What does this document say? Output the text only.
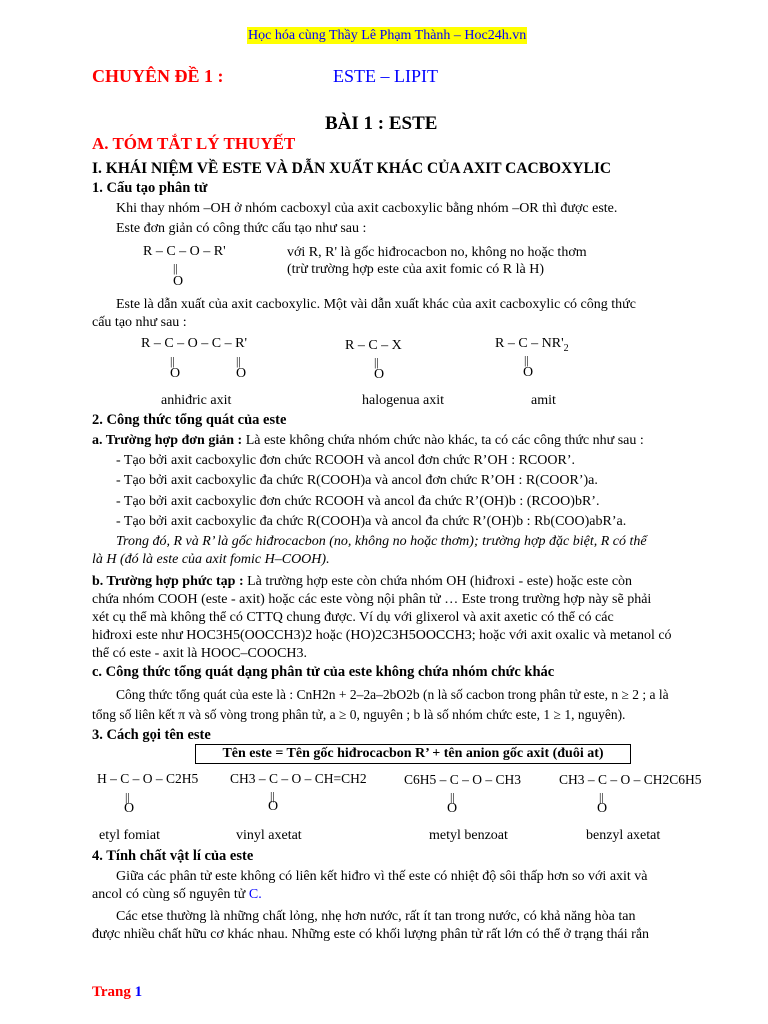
Học hóa cùng Thầy Lê Phạm Thành – Hoc24h.vn
CHUYÊN ĐỀ 1 :	ESTE – LIPIT
BÀI 1 : ESTE
A. TÓM TẮT LÝ THUYẾT
I. KHÁI NIỆM VỀ ESTE VÀ DẪN XUẤT KHÁC CỦA AXIT CACBOXYLIC
1. Cấu tạo phân tử
Khi thay nhóm –OH ở nhóm cacboxyl của axit cacboxylic bằng nhóm –OR thì được este.
Este đơn giản có công thức cấu tạo như sau :
R – C – O – R'
||
O
với R, R' là gốc hiđrocacbon no, không no hoặc thơm
(trừ trường hợp este của axit fomic có R là H)
Este là dẫn xuất của axit cacboxylic. Một vài dẫn xuất khác của axit cacboxylic có công thức
cấu tạo như sau :
R – C – O – C – R'
||	||
O	O
R – C – X
||
O
R – C – $NR'_2$
||
O
anhiđric axit	halogenua axit	amit
2. Công thức tổng quát của este
a. Trường hợp đơn giản : Là este không chứa nhóm chức nào khác, ta có các công thức như sau :
- Tạo bởi axit cacboxylic đơn chức RCOOH và ancol đơn chức R’OH : RCOOR’.
- Tạo bởi axit cacboxylic đa chức R(COOH)a và ancol đơn chức R’OH : R(COOR’)a.
- Tạo bởi axit cacboxylic đơn chức RCOOH và ancol đa chức R’(OH)b : (RCOO)bR’.
- Tạo bởi axit cacboxylic đa chức R(COOH)a và ancol đa chức R’(OH)b : Rb(COO)abR’a.
Trong đó, R và R’ là gốc hiđrocacbon (no, không no hoặc thơm); trường hợp đặc biệt, R có thể
là H (đó là este của axit fomic H–COOH).
b. Trường hợp phức tạp : Là trường hợp este còn chứa nhóm OH (hiđroxi - este) hoặc este còn
chứa nhóm COOH (este - axit) hoặc các este vòng nội phân tử … Este trong trường hợp này sẽ phải
xét cụ thể mà không thể có CTTQ chung được. Ví dụ với glixerol và axit axetic có thể có các
hiđroxi este như HOC3H5(OOCCH3)2 hoặc (HO)2C3H5OOCCH3; hoặc với axit oxalic và metanol có
thể có este - axit là HOOC–COOCH3.
c. Công thức tổng quát dạng phân tử của este không chứa nhóm chức khác
Công thức tổng quát của este là : CnH2n + 2–2a–2bO2b (n là số cacbon trong phân tử este, n ≥ 2 ; a là
tổng số liên kết π và số vòng trong phân tử, a ≥ 0, nguyên ; b là số nhóm chức este, 1 ≥ 1, nguyên).
3. Cách gọi tên este
Tên este = Tên gốc hiđrocacbon R’ + tên anion gốc axit (đuôi at)
H – C – O – C2H5 CH3 – C – O – CH=CH2	C6H5 – C – O – CH3	CH3 – C – O – CH2C6H5
||	||	||	||
O	O	O	O
etyl fomiat	vinyl axetat	metyl benzoat	benzyl axetat
4. Tính chất vật lí của este
Giữa các phân tử este không có liên kết hiđro vì thế este có nhiệt độ sôi thấp hơn so với axit và
ancol có cùng số nguyên tử C.
Các etse thường là những chất lỏng, nhẹ hơn nước, rất ít tan trong nước, có khả năng hòa tan
được nhiều chất hữu cơ khác nhau. Những este có khối lượng phân tử rất lớn có thể ở trạng thái rắn
Trang 1
